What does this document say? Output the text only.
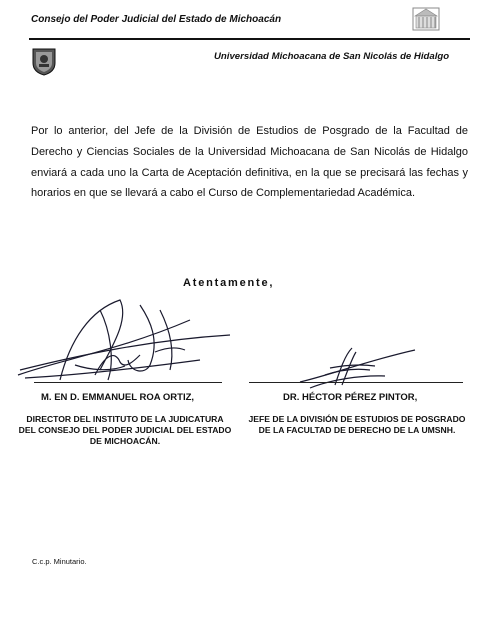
Consejo del Poder Judicial del Estado de Michoacán
Universidad Michoacana de San Nicolás de Hidalgo
Por lo anterior, del Jefe de la División de Estudios de Posgrado de la Facultad de Derecho y Ciencias Sociales de la Universidad Michoacana de San Nicolás de Hidalgo enviará a cada uno la Carta de Aceptación definitiva, en la que se precisará las fechas y horarios en que se llevará a cabo el Curso de Complementariedad Académica.
Atentamente,
M. EN D. EMMANUEL ROA ORTIZ,	DR. HÉCTOR PÉREZ PINTOR,
DIRECTOR DEL INSTITUTO DE LA JUDICATURA
DEL CONSEJO DEL PODER JUDICIAL DEL ESTADO
DE MICHOACÁN.
JEFE DE LA DIVISIÓN DE ESTUDIOS DE POSGRADO
DE LA FACULTAD DE DERECHO DE LA UMSNH.
C.c.p. Minutario.
